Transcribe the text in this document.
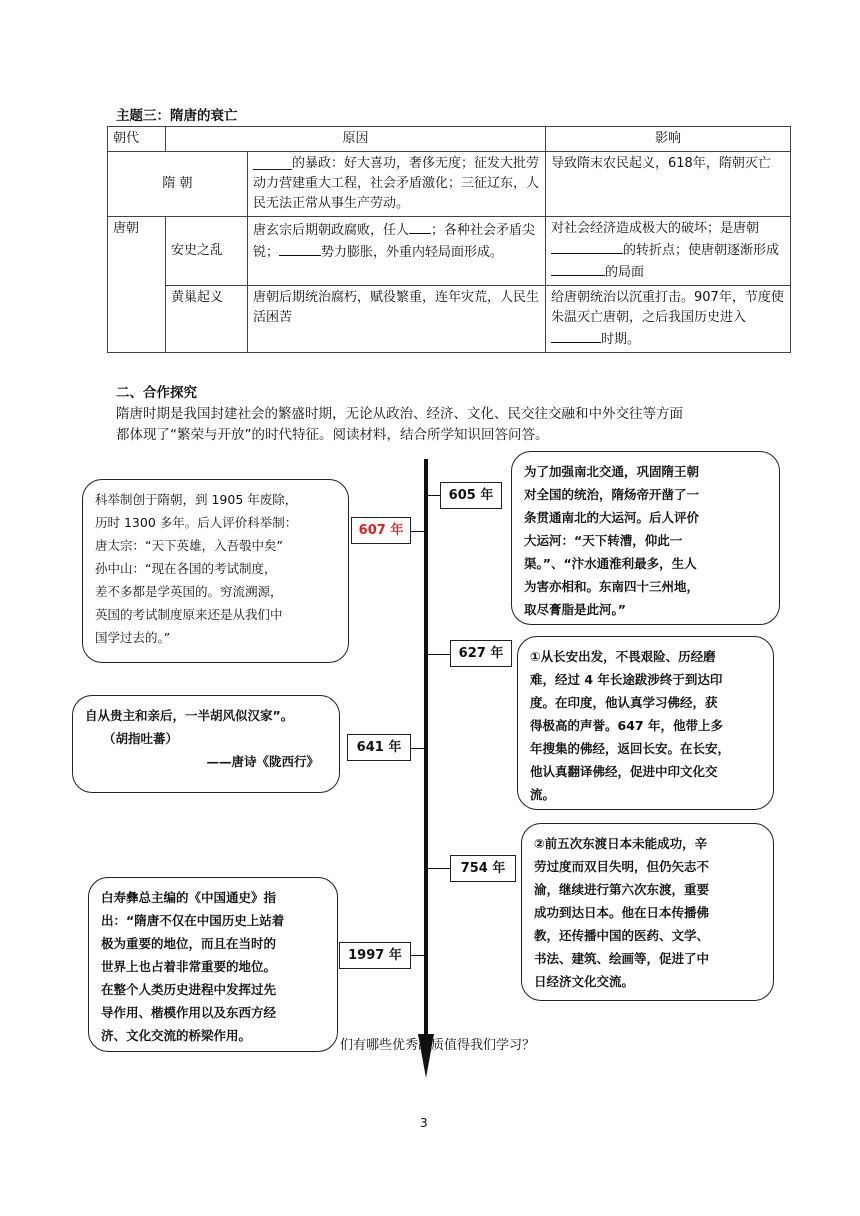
主题三：隋唐的衰亡
朝代	原因		影响
隋 朝		______的暴政：好大喜功，奢侈无度；征发大批劳动力营建重大工程，社会矛盾激化；三征辽东，人民无法正常从事生产劳动。	导致隋末农民起义，618年，隋朝灭亡
唐朝	安史之乱	唐玄宗后期朝政腐败，任人 ；各种社会矛盾尖锐； 势力膨胀，外重内轻局面形成。	对社会经济造成极大的破坏；是唐朝的转折点；使唐朝逐渐形成的局面
	黄巢起义	唐朝后期统治腐朽，赋役繁重，连年灾荒，人民生活困苦	给唐朝统治以沉重打击。907年，节度使朱温灭亡唐朝，之后我国历史进入时期。
二、合作探究
隋唐时期是我国封建社会的繁盛时期，无论从政治、经济、文化、民交往交融和中外交往等方面
都体现了“繁荣与开放”的时代特征。阅读材料，结合所学知识回答问答。
605 年
607 年
627 年
641 年
754 年
1997 年
为了加强南北交通，巩固隋王朝
对全国的统治，隋炀帝开凿了一
条贯通南北的大运河。后人评价
大运河：“天下转漕，仰此一
渠。”、“汴水通淮利最多，生人
为害亦相和。东南四十三州地，
取尽膏脂是此河。”
科举制创于隋朝，到 1905 年废除，
历时 1300 多年。后人评价科举制：
唐太宗：“天下英雄，入吾彀中矣”
孙中山：“现在各国的考试制度，
差不多都是学英国的。穷流溯源，
英国的考试制度原来还是从我们中
国学过去的。”
①从长安出发，不畏艰险、历经磨
难，经过 4 年长途跋涉终于到达印
度。在印度，他认真学习佛经，获
得极高的声誉。647 年，他带上多
年搜集的佛经，返回长安。在长安，
他认真翻译佛经，促进中印文化交
流。
自从贵主和亲后，一半胡风似汉家”。
（胡指吐蕃）
——唐诗《陇西行》
②前五次东渡日本未能成功，辛
劳过度而双目失明，但仍矢志不
渝，继续进行第六次东渡，重要
成功到达日本。他在日本传播佛
教，还传播中国的医药、文学、
书法、建筑、绘画等，促进了中
日经济文化交流。
白寿彝总主编的《中国通史》指
出：“隋唐不仅在中国历史上站着
极为重要的地位，而且在当时的
世界上也占着非常重要的地位。
在整个人类历史进程中发挥过先
导作用、楷模作用以及东西方经
济、文化交流的桥梁作用。
们有哪些优秀品质值得我们学习？
3
